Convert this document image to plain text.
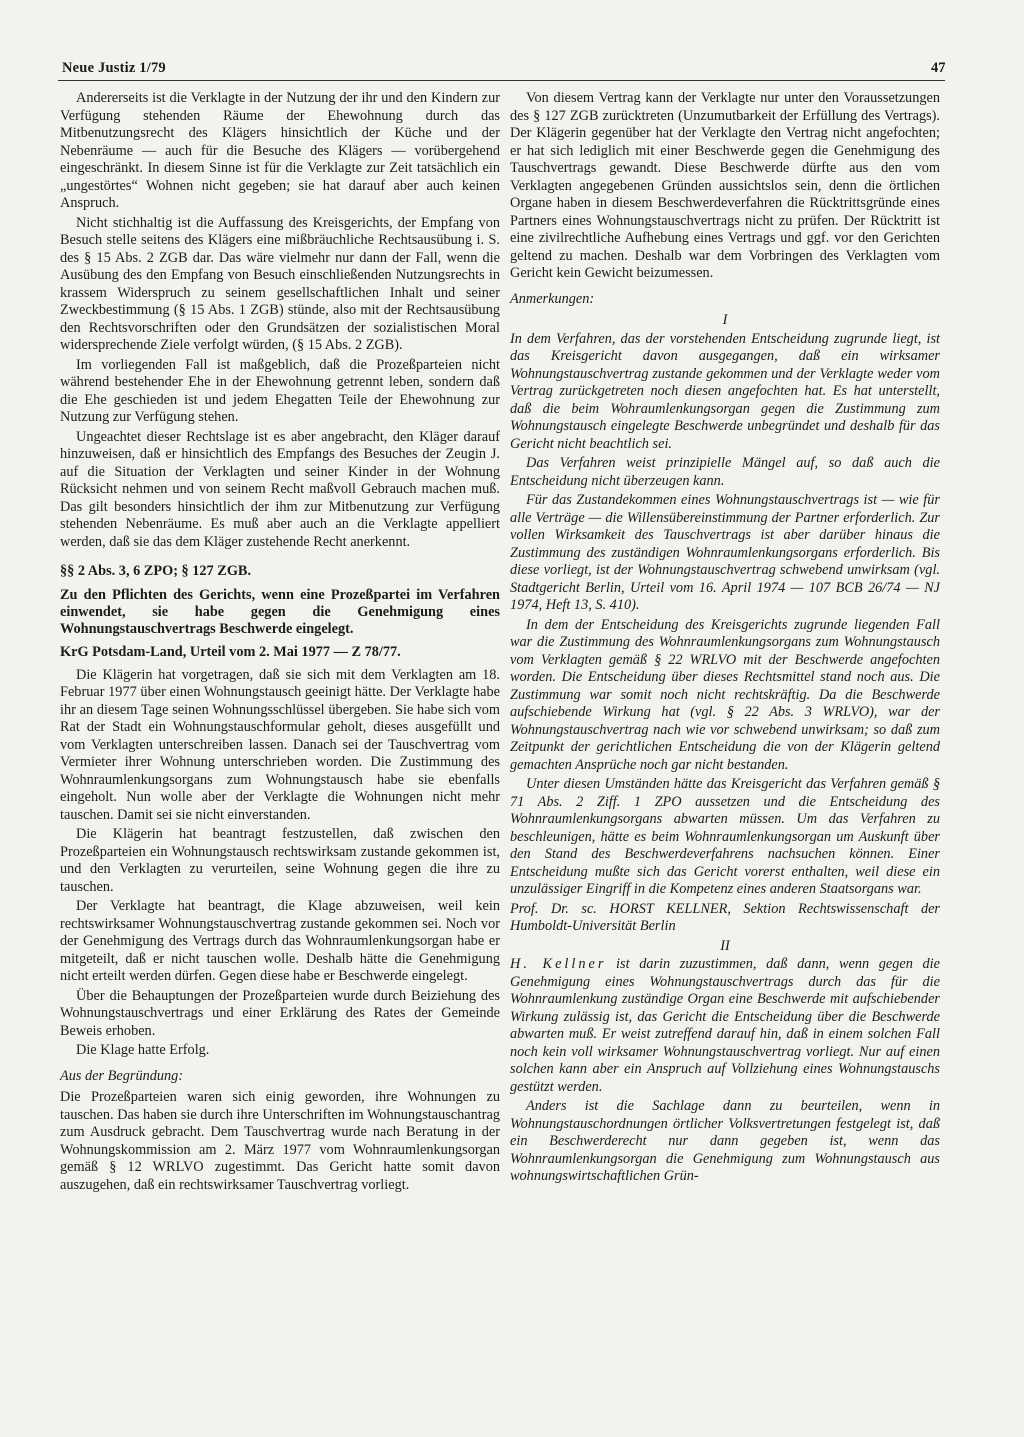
Neue Justiz 1/79	47

Andererseits ist die Verklagte in der Nutzung der ihr und den Kindern zur Verfügung stehenden Räume der Ehewohnung durch das Mitbenutzungsrecht des Klägers hinsichtlich der Küche und der Nebenräume — auch für die Besuche des Klägers — vorübergehend eingeschränkt. In diesem Sinne ist für die Verklagte zur Zeit tatsächlich ein „ungestörtes“ Wohnen nicht gegeben; sie hat darauf aber auch keinen Anspruch.

Nicht stichhaltig ist die Auffassung des Kreisgerichts, der Empfang von Besuch stelle seitens des Klägers eine mißbräuchliche Rechtsausübung i. S. des § 15 Abs. 2 ZGB dar. Das wäre vielmehr nur dann der Fall, wenn die Ausübung des den Empfang von Besuch einschließenden Nutzungsrechts in krassem Widerspruch zu seinem gesellschaftlichen Inhalt und seiner Zweckbestimmung (§ 15 Abs. 1 ZGB) stünde, also mit der Rechtsausübung den Rechtsvorschriften oder den Grundsätzen der sozialistischen Moral widersprechende Ziele verfolgt würden, (§ 15 Abs. 2 ZGB).

Im vorliegenden Fall ist maßgeblich, daß die Prozeßparteien nicht während bestehender Ehe in der Ehewohnung getrennt leben, sondern daß die Ehe geschieden ist und jedem Ehegatten Teile der Ehewohnung zur Nutzung zur Verfügung stehen.

Ungeachtet dieser Rechtslage ist es aber angebracht, den Kläger darauf hinzuweisen, daß er hinsichtlich des Empfangs des Besuches der Zeugin J. auf die Situation der Verklagten und seiner Kinder in der Wohnung Rücksicht nehmen und von seinem Recht maßvoll Gebrauch machen muß. Das gilt besonders hinsichtlich der ihm zur Mitbenutzung zur Verfügung stehenden Nebenräume. Es muß aber auch an die Verklagte appelliert werden, daß sie das dem Kläger zustehende Recht anerkennt.

§§ 2 Abs. 3, 6 ZPO; § 127 ZGB.

Zu den Pflichten des Gerichts, wenn eine Prozeßpartei im Verfahren einwendet, sie habe gegen die Genehmigung eines Wohnungstauschvertrags Beschwerde eingelegt.

KrG Potsdam-Land, Urteil vom 2. Mai 1977 — Z 78/77.

Die Klägerin hat vorgetragen, daß sie sich mit dem Verklagten am 18. Februar 1977 über einen Wohnungstausch geeinigt hätte. Der Verklagte habe ihr an diesem Tage seinen Wohnungsschlüssel übergeben. Sie habe sich vom Rat der Stadt ein Wohnungstauschformular geholt, dieses ausgefüllt und vom Verklagten unterschreiben lassen. Danach sei der Tauschvertrag vom Vermieter ihrer Wohnung unterschrieben worden. Die Zustimmung des Wohnraumlenkungsorgans zum Wohnungstausch habe sie ebenfalls eingeholt. Nun wolle aber der Verklagte die Wohnungen nicht mehr tauschen. Damit sei sie nicht einverstanden.

Die Klägerin hat beantragt festzustellen, daß zwischen den Prozeßparteien ein Wohnungstausch rechtswirksam zustande gekommen ist, und den Verklagten zu verurteilen, seine Wohnung gegen die ihre zu tauschen.

Der Verklagte hat beantragt, die Klage abzuweisen, weil kein rechtswirksamer Wohnungstauschvertrag zustande gekommen sei. Noch vor der Genehmigung des Vertrags durch das Wohnraumlenkungsorgan habe er mitgeteilt, daß er nicht tauschen wolle. Deshalb hätte die Genehmigung nicht erteilt werden dürfen. Gegen diese habe er Beschwerde eingelegt.

Über die Behauptungen der Prozeßparteien wurde durch Beiziehung des Wohnungstauschvertrags und einer Erklärung des Rates der Gemeinde Beweis erhoben.

Die Klage hatte Erfolg.

Aus der Begründung:

Die Prozeßparteien waren sich einig geworden, ihre Wohnungen zu tauschen. Das haben sie durch ihre Unterschriften im Wohnungstauschantrag zum Ausdruck gebracht. Dem Tauschvertrag wurde nach Beratung in der Wohnungskommission am 2. März 1977 vom Wohnraumlenkungsorgan gemäß § 12 WRLVO zugestimmt. Das Gericht hatte somit davon auszugehen, daß ein rechtswirksamer Tauschvertrag vorliegt.

Von diesem Vertrag kann der Verklagte nur unter den Voraussetzungen des § 127 ZGB zurücktreten (Unzumutbarkeit der Erfüllung des Vertrags). Der Klägerin gegenüber hat der Verklagte den Vertrag nicht angefochten; er hat sich lediglich mit einer Beschwerde gegen die Genehmigung des Tauschvertrags gewandt. Diese Beschwerde dürfte aus den vom Verklagten angegebenen Gründen aussichtslos sein, denn die örtlichen Organe haben in diesem Beschwerdeverfahren die Rücktrittsgründe eines Partners eines Wohnungstauschvertrags nicht zu prüfen. Der Rücktritt ist eine zivilrechtliche Aufhebung eines Vertrags und ggf. vor den Gerichten geltend zu machen. Deshalb war dem Vorbringen des Verklagten vom Gericht kein Gewicht beizumessen.

Anmerkungen:

I

In dem Verfahren, das der vorstehenden Entscheidung zugrunde liegt, ist das Kreisgericht davon ausgegangen, daß ein wirksamer Wohnungstauschvertrag zustande gekommen und der Verklagte weder vom Vertrag zurückgetreten noch diesen angefochten hat. Es hat unterstellt, daß die beim Wohraumlenkungsorgan gegen die Zustimmung zum Wohnungstausch eingelegte Beschwerde unbegründet und deshalb für das Gericht nicht beachtlich sei.

Das Verfahren weist prinzipielle Mängel auf, so daß auch die Entscheidung nicht überzeugen kann.

Für das Zustandekommen eines Wohnungstauschvertrags ist — wie für alle Verträge — die Willensübereinstimmung der Partner erforderlich. Zur vollen Wirksamkeit des Tauschvertrags ist aber darüber hinaus die Zustimmung des zuständigen Wohnraumlenkungsorgans erforderlich. Bis diese vorliegt, ist der Wohnungstauschvertrag schwebend unwirksam (vgl. Stadtgericht Berlin, Urteil vom 16. April 1974 — 107 BCB 26/74 — NJ 1974, Heft 13, S. 410).

In dem der Entscheidung des Kreisgerichts zugrunde liegenden Fall war die Zustimmung des Wohnraumlenkungsorgans zum Wohnungstausch vom Verklagten gemäß § 22 WRLVO mit der Beschwerde angefochten worden. Die Entscheidung über dieses Rechtsmittel stand noch aus. Die Zustimmung war somit noch nicht rechtskräftig. Da die Beschwerde aufschiebende Wirkung hat (vgl. § 22 Abs. 3 WRLVO), war der Wohnungstauschvertrag nach wie vor schwebend unwirksam; so daß zum Zeitpunkt der gerichtlichen Entscheidung die von der Klägerin geltend gemachten Ansprüche noch gar nicht bestanden.

Unter diesen Umständen hätte das Kreisgericht das Verfahren gemäß § 71 Abs. 2 Ziff. 1 ZPO aussetzen und die Entscheidung des Wohnraumlenkungsorgans abwarten müssen. Um das Verfahren zu beschleunigen, hätte es beim Wohnraumlenkungsorgan um Auskunft über den Stand des Beschwerdeverfahrens nachsuchen können. Einer Entscheidung mußte sich das Gericht vorerst enthalten, weil diese ein unzulässiger Eingriff in die Kompetenz eines anderen Staatsorgans war.

Prof. Dr. sc. HORST KELLNER, Sektion Rechtswissenschaft der Humboldt-Universität Berlin

II

H. Kellner ist darin zuzustimmen, daß dann, wenn gegen die Genehmigung eines Wohnungstauschvertrags durch das für die Wohnraumlenkung zuständige Organ eine Beschwerde mit aufschiebender Wirkung zulässig ist, das Gericht die Entscheidung über die Beschwerde abwarten muß. Er weist zutreffend darauf hin, daß in einem solchen Fall noch kein voll wirksamer Wohnungstauschvertrag vorliegt. Nur auf einen solchen kann aber ein Anspruch auf Vollziehung eines Wohnungstauschs gestützt werden.

Anders ist die Sachlage dann zu beurteilen, wenn in Wohnungstauschordnungen örtlicher Volksvertretungen festgelegt ist, daß ein Beschwerderecht nur dann gegeben ist, wenn das Wohnraumlenkungsorgan die Genehmigung zum Wohnungstausch aus wohnungswirtschaftlichen Grün-
